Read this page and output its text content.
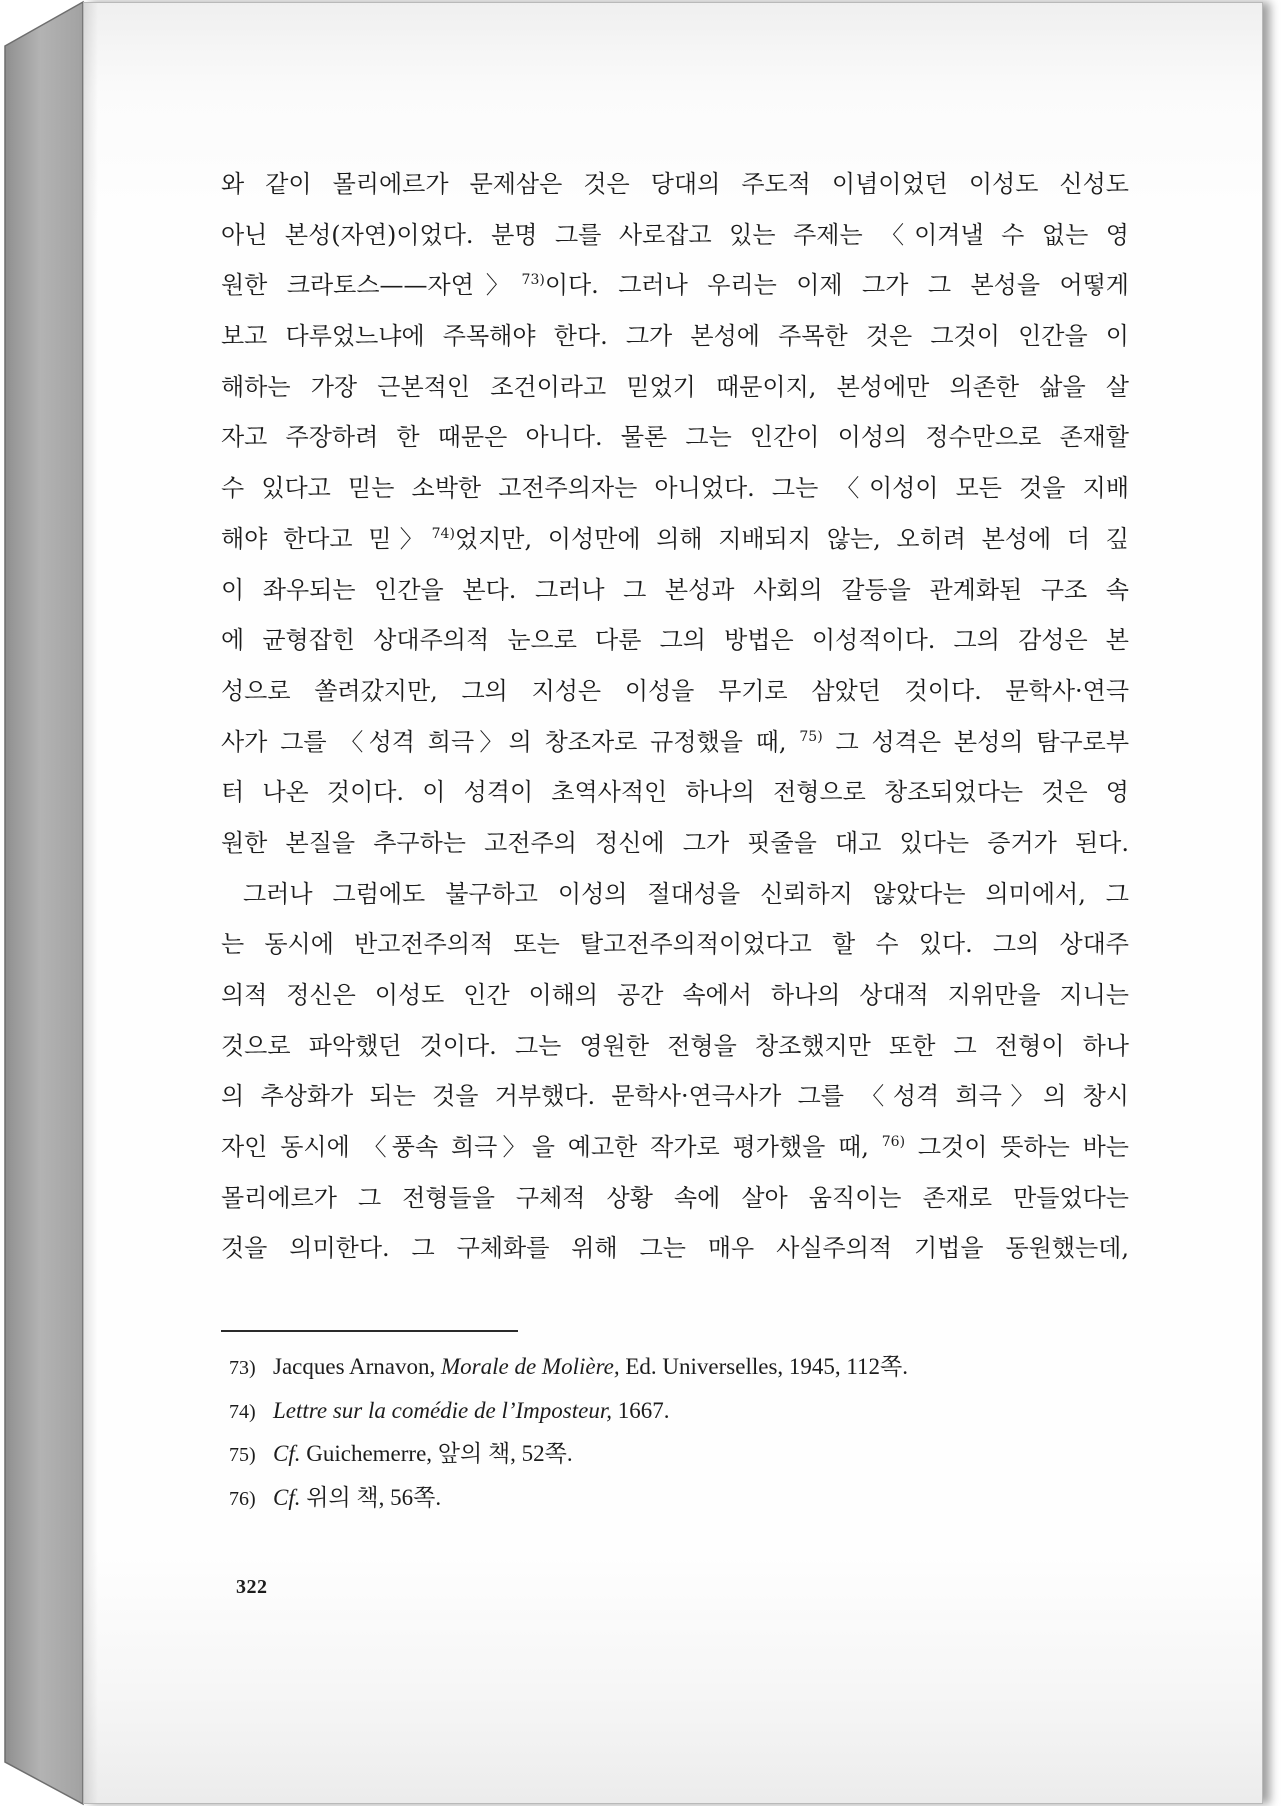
와 같이 몰리에르가 문제삼은 것은 당대의 주도적 이념이었던 이성도 신성도
아닌 본성(자연)이었다. 분명 그를 사로잡고 있는 주제는 〈이겨낼 수 없는 영
원한 크라토스——자연〉$^{73)}$이다. 그러나 우리는 이제 그가 그 본성을 어떻게
보고 다루었느냐에 주목해야 한다. 그가 본성에 주목한 것은 그것이 인간을 이
해하는 가장 근본적인 조건이라고 믿었기 때문이지, 본성에만 의존한 삶을 살
자고 주장하려 한 때문은 아니다. 물론 그는 인간이 이성의 정수만으로 존재할
수 있다고 믿는 소박한 고전주의자는 아니었다. 그는 〈이성이 모든 것을 지배
해야 한다고 믿〉$^{74)}$었지만, 이성만에 의해 지배되지 않는, 오히려 본성에 더 깊
이 좌우되는 인간을 본다. 그러나 그 본성과 사회의 갈등을 관계화된 구조 속
에 균형잡힌 상대주의적 눈으로 다룬 그의 방법은 이성적이다. 그의 감성은 본
성으로 쏠려갔지만, 그의 지성은 이성을 무기로 삼았던 것이다. 문학사·연극
사가 그를 〈성격 희극〉의 창조자로 규정했을 때, $^{75)}$ 그 성격은 본성의 탐구로부
터 나온 것이다. 이 성격이 초역사적인 하나의 전형으로 창조되었다는 것은 영
원한 본질을 추구하는 고전주의 정신에 그가 핏줄을 대고 있다는 증거가 된다.
그러나 그럼에도 불구하고 이성의 절대성을 신뢰하지 않았다는 의미에서, 그
는 동시에 반고전주의적 또는 탈고전주의적이었다고 할 수 있다. 그의 상대주
의적 정신은 이성도 인간 이해의 공간 속에서 하나의 상대적 지위만을 지니는
것으로 파악했던 것이다. 그는 영원한 전형을 창조했지만 또한 그 전형이 하나
의 추상화가 되는 것을 거부했다. 문학사·연극사가 그를 〈성격 희극〉의 창시
자인 동시에 〈풍속 희극〉을 예고한 작가로 평가했을 때, $^{76)}$ 그것이 뜻하는 바는
몰리에르가 그 전형들을 구체적 상황 속에 살아 움직이는 존재로 만들었다는
것을 의미한다. 그 구체화를 위해 그는 매우 사실주의적 기법을 동원했는데,
73) Jacques Arnavon, Morale de Molière, Ed. Universelles, 1945, 112쪽.
74) Lettre sur la comédie de l’Imposteur, 1667.
75) Cf. Guichemerre, 앞의 책, 52쪽.
76) Cf. 위의 책, 56쪽.
322
